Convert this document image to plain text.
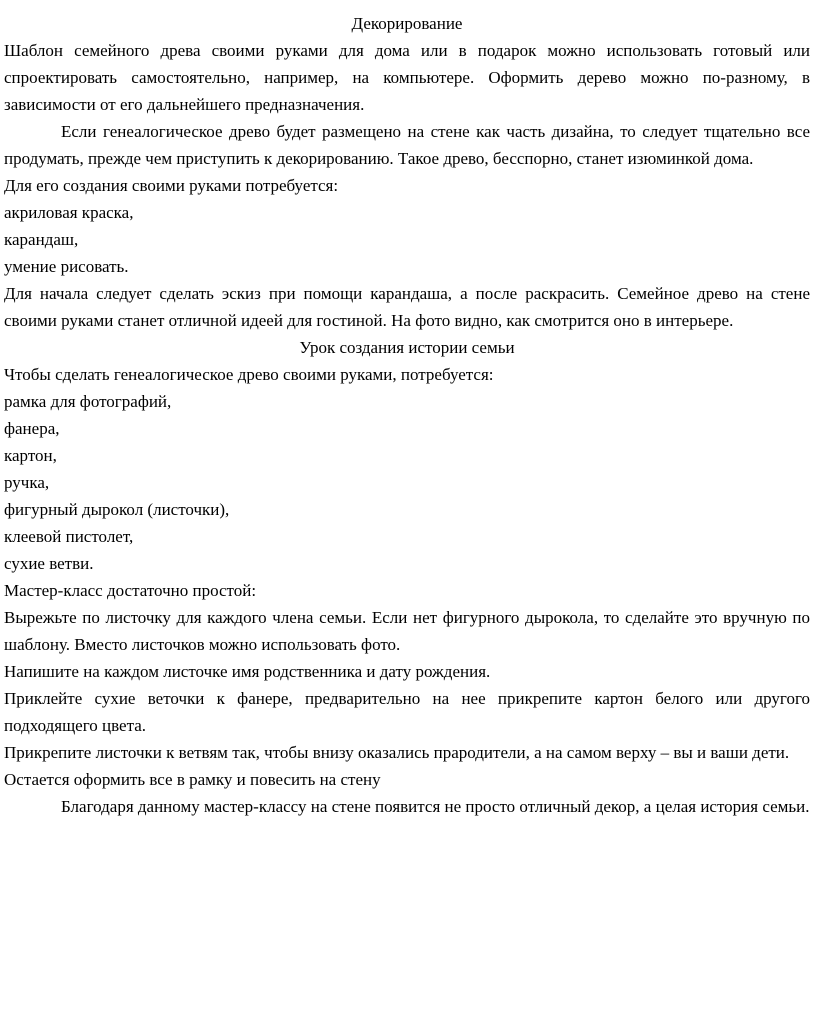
Декорирование

Шаблон семейного древа своими руками для дома или в подарок можно использовать готовый или спроектировать самостоятельно, например, на компьютере. Оформить дерево можно по-разному, в зависимости от его дальнейшего предназначения.

Если генеалогическое древо будет размещено на стене как часть дизайна, то следует тщательно все продумать, прежде чем приступить к декорированию. Такое древо, бесспорно, станет изюминкой дома.

Для его создания своими руками потребуется:

акриловая краска,

карандаш,

умение рисовать.

Для начала следует сделать эскиз при помощи карандаша, а после раскрасить. Семейное древо на стене своими руками станет отличной идеей для гостиной. На фото видно, как смотрится оно в интерьере.

Урок создания истории семьи

Чтобы сделать генеалогическое древо своими руками, потребуется:

рамка для фотографий,

фанера,

картон,

ручка,

фигурный дырокол (листочки),

клеевой пистолет,

сухие ветви.

Мастер-класс достаточно простой:

Вырежьте по листочку для каждого члена семьи. Если нет фигурного дырокола, то сделайте это вручную по шаблону. Вместо листочков можно использовать фото.

Напишите на каждом листочке имя родственника и дату рождения.

Приклейте сухие веточки к фанере, предварительно на нее прикрепите картон белого или другого подходящего цвета.

Прикрепите листочки к ветвям так, чтобы внизу оказались прародители, а на самом верху – вы и ваши дети.

Остается оформить все в рамку и повесить на стену

Благодаря данному мастер-классу на стене появится не просто отличный декор, а целая история семьи.
